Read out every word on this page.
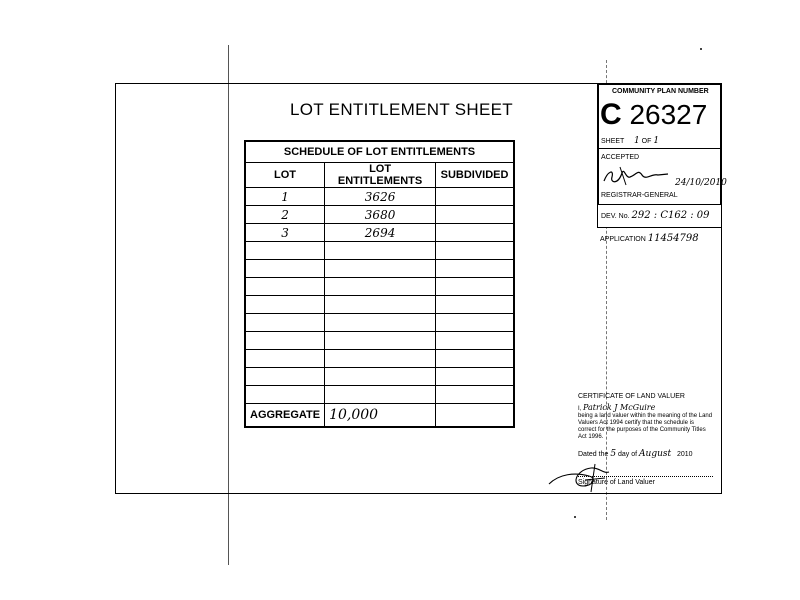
LOT ENTITLEMENT SHEET
SCHEDULE OF LOT ENTITLEMENTS		
LOT	LOT ENTITLEMENTS	SUBDIVIDED
1	3626	
2	3680	
3	2694	

AGGREGATE	10,000	
COMMUNITY PLAN NUMBER
C 26327
SHEET 1 OF 1
ACCEPTED
24/10/2010
REGISTRAR-GENERAL
DEV. No. 292 : C162 : 09
APPLICATION 11454798
CERTIFICATE OF LAND VALUER
I, Patrick J McGuire
being a land valuer within the meaning of the Land Valuers Act 1994 certify that the schedule is correct for the purposes of the Community Titles Act 1996.
Dated the 5 day of August 2010
Signature of Land Valuer
